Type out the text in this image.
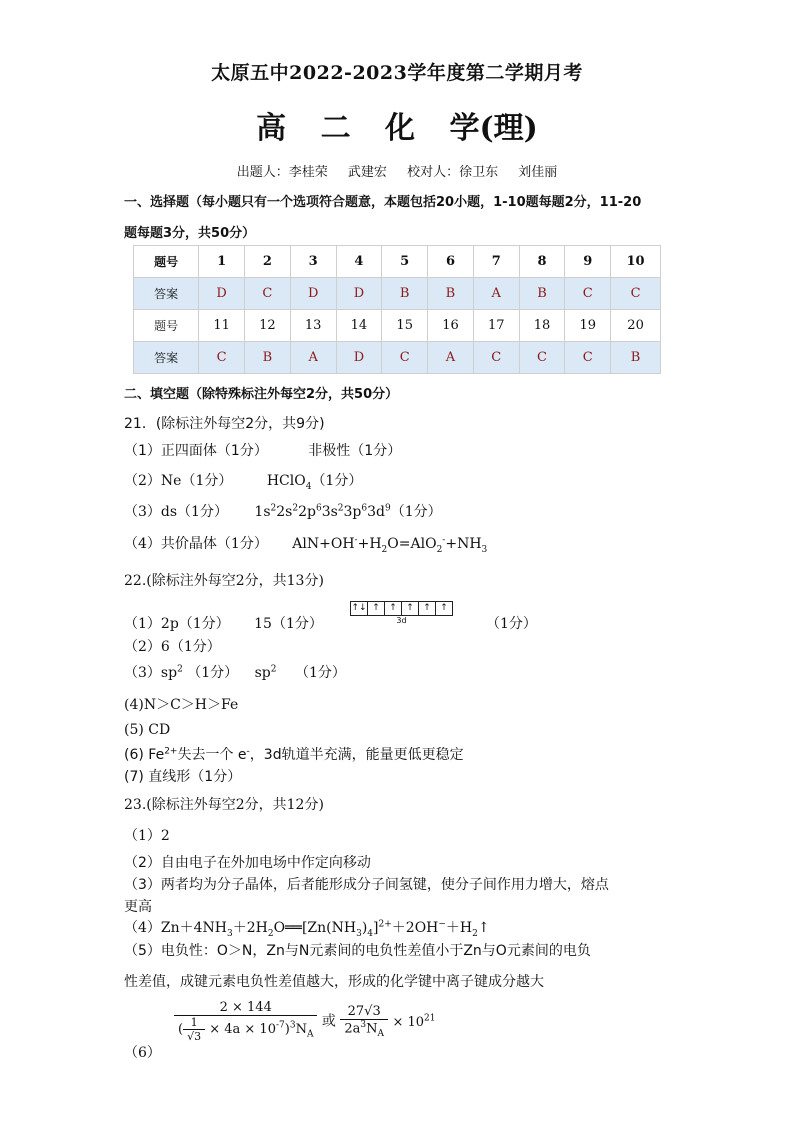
太原五中2022-2023学年度第二学期月考
高 二 化 学(理)
出题人：李桂荣 武建宏 校对人：徐卫东 刘佳丽
一、选择题（每小题只有一个选项符合题意，本题包括20小题，1-10题每题2分，11-20
题每题3分，共50分）
题号	1	2	3	4	5	6	7	8	9	10
答案	D	C	D	D	B	B	A	B	C	C
题号	11	12	13	14	15	16	17	18	19	20
答案	C	B	A	D	C	A	C	C	C	B
二、填空题（除特殊标注外每空2分，共50分）
21．(除标注外每空2分，共9分)
（1）正四面体（1分）	非极性（1分）
（2）Ne（1分） HClO$_4$（1分）
（3）ds（1分） $1s^22s^22p^63s^23p^63d^9(1$分）
（4）共价晶体（1分） $AlN+OH^-+H_2O=AlO_2^-+NH_3$
22.(除标注外每空2分，共13分)
（1）2p（1分） 15（1分）
↑↓ ↑	↑	↑	↑	↑
3d	（1分）
（2）6（1分）
$(3)sp^2$ （1分） $sp^2$ （1分）
(4)N＞C＞H＞Fe
(5) CD
(6) $Fe^{2+}$失去一个 e-，3d轨道半充满，能量更低更稳定
(7) 直线形（1分）
23.(除标注外每空2分，共12分)
（1）2
（2）自由电子在外加电场中作定向移动
（3）两者均为分子晶体，后者能形成分子间氢键，使分子间作用力增大，熔点
更高
$(4)Zn+4NH_3+2H_2O══[Zn(NH_3)_4]^{2+}+2OH^-+H_2↑$
（5）电负性：O＞N，Zn与N元素间的电负性差值小于Zn与O元素间的电负
性差值，成键元素电负性差值越大，形成的化学键中离子键成分越大
（6）
$\frac{2 \times 144}{( \frac{1}{√3} \times 4a \times 10^{-7})^3N_A}$ 或 $\frac{27√3}{2a^3N_A} \times 10^{21}$
